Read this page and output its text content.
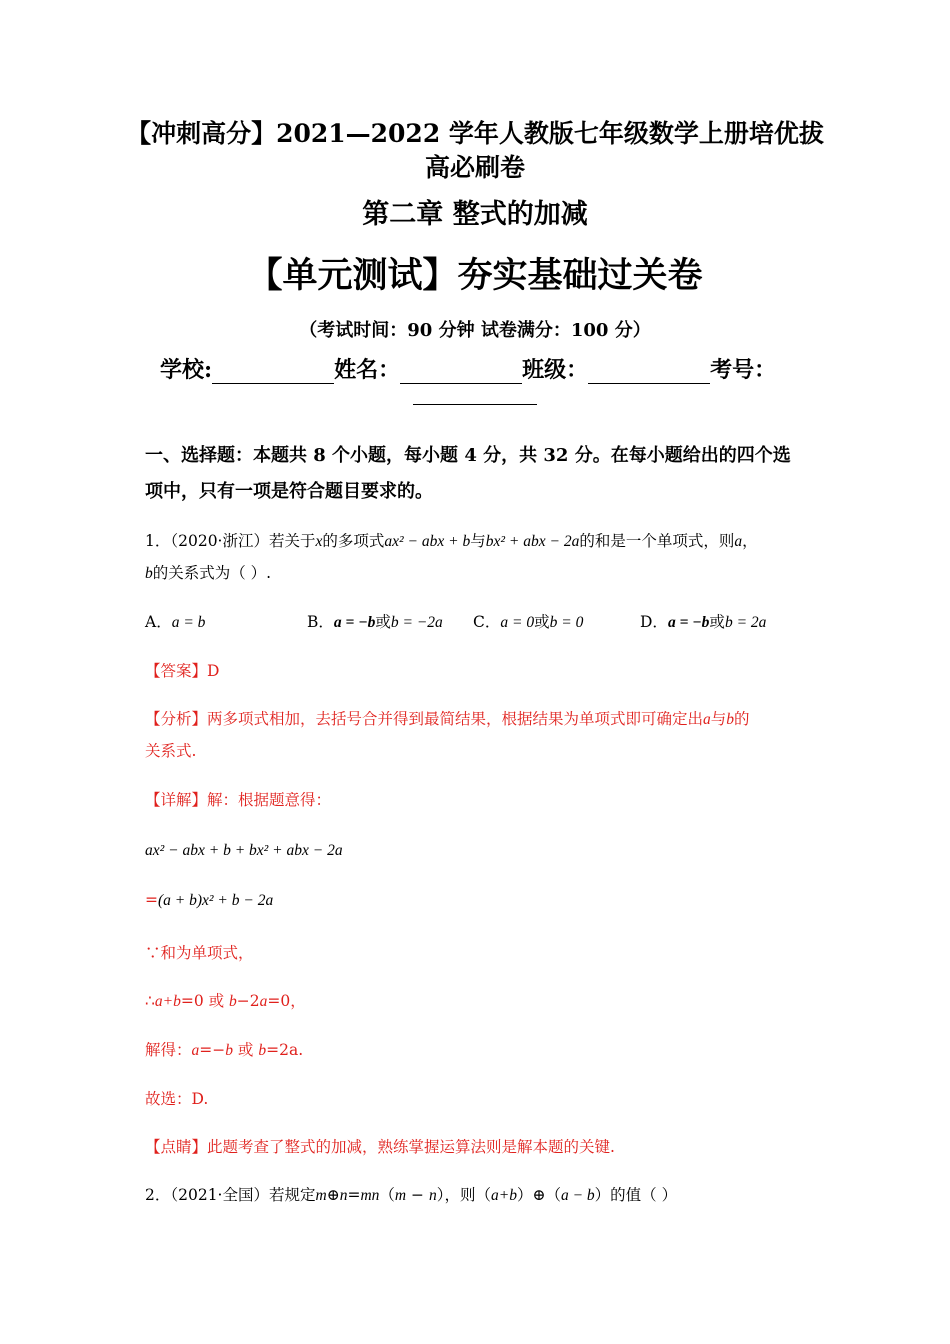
【冲刺高分】2021—2022 学年人教版七年级数学上册培优拔
高必刷卷
第二章 整式的加减
【单元测试】夯实基础过关卷
（考试时间：90 分钟 试卷满分：100 分）
学校:	姓名：	班级：	考号：
一、选择题：本题共 8 个小题，每小题 4 分，共 32 分。在每小题给出的四个选
项中，只有一项是符合题目要求的。
1．（2020·浙江）若关于x的多项式ax² − abx + b与bx² + abx − 2a的和是一个单项式，则a，
b的关系式为（ ）.
A．a = b	B．a = −b或b = −2a C．a = 0或b = 0	D．a = −b或b = 2a
【答案】D
【分析】两多项式相加，去括号合并得到最简结果，根据结果为单项式即可确定出a与b的
关系式.
【详解】解：根据题意得：
ax² − abx + b + bx² + abx − 2a
=(a + b)x² + b − 2a
∵和为单项式，
∴a+b=0 或 b−2a=0，
解得：a=−b 或 b=2a.
故选：D.
【点睛】此题考查了整式的加减，熟练掌握运算法则是解本题的关键.
2．（2021·全国）若规定m⊕n=mn（m − n），则（a+b）⊕（a − b）的值（ ）
